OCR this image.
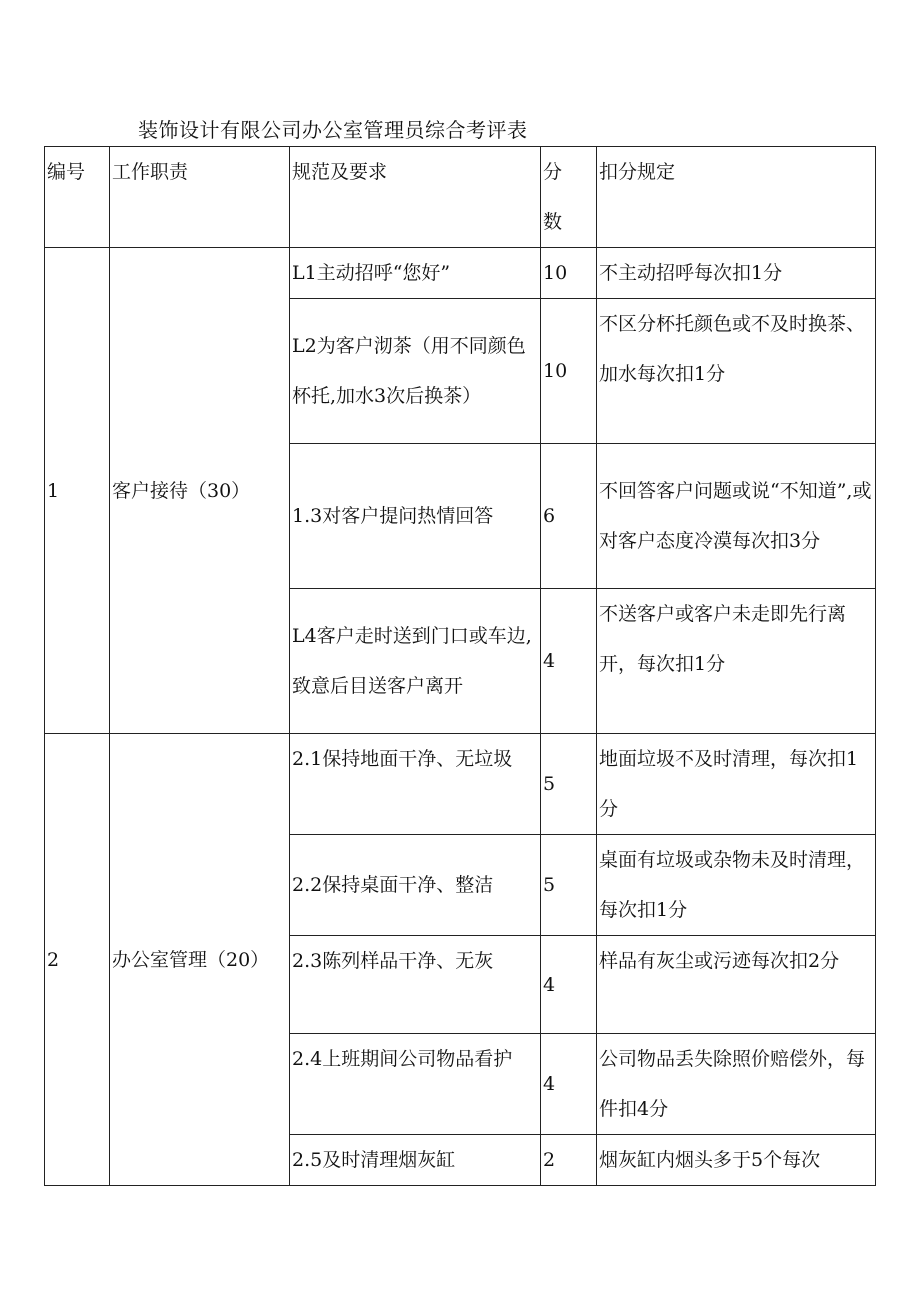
装饰设计有限公司办公室管理员综合考评表
编号	工作职责	规范及要求	分数	扣分规定

1	客户接待（30）	L1主动招呼“您好”	10	不主动招呼每次扣1分

		L2为客户沏茶（用不同颜色杯托,加水3次后换茶）	10	不区分杯托颜色或不及时换茶、加水每次扣1分

		1.3对客户提问热情回答	6	不回答客户问题或说“不知道”,或对客户态度冷漠每次扣3分

		L4客户走时送到门口或车边,致意后目送客户离开	4	不送客户或客户未走即先行离开，每次扣1分

2	办公室管理（20）	2.1保持地面干净、无垃圾	5	地面垃圾不及时清理，每次扣1分

		2.2保持桌面干净、整洁	5	桌面有垃圾或杂物未及时清理，每次扣1分

		2.3陈列样品干净、无灰	4	样品有灰尘或污迹每次扣2分

		2.4上班期间公司物品看护	4	公司物品丢失除照价赔偿外，每件扣4分

		2.5及时清理烟灰缸	2	烟灰缸内烟头多于5个每次
